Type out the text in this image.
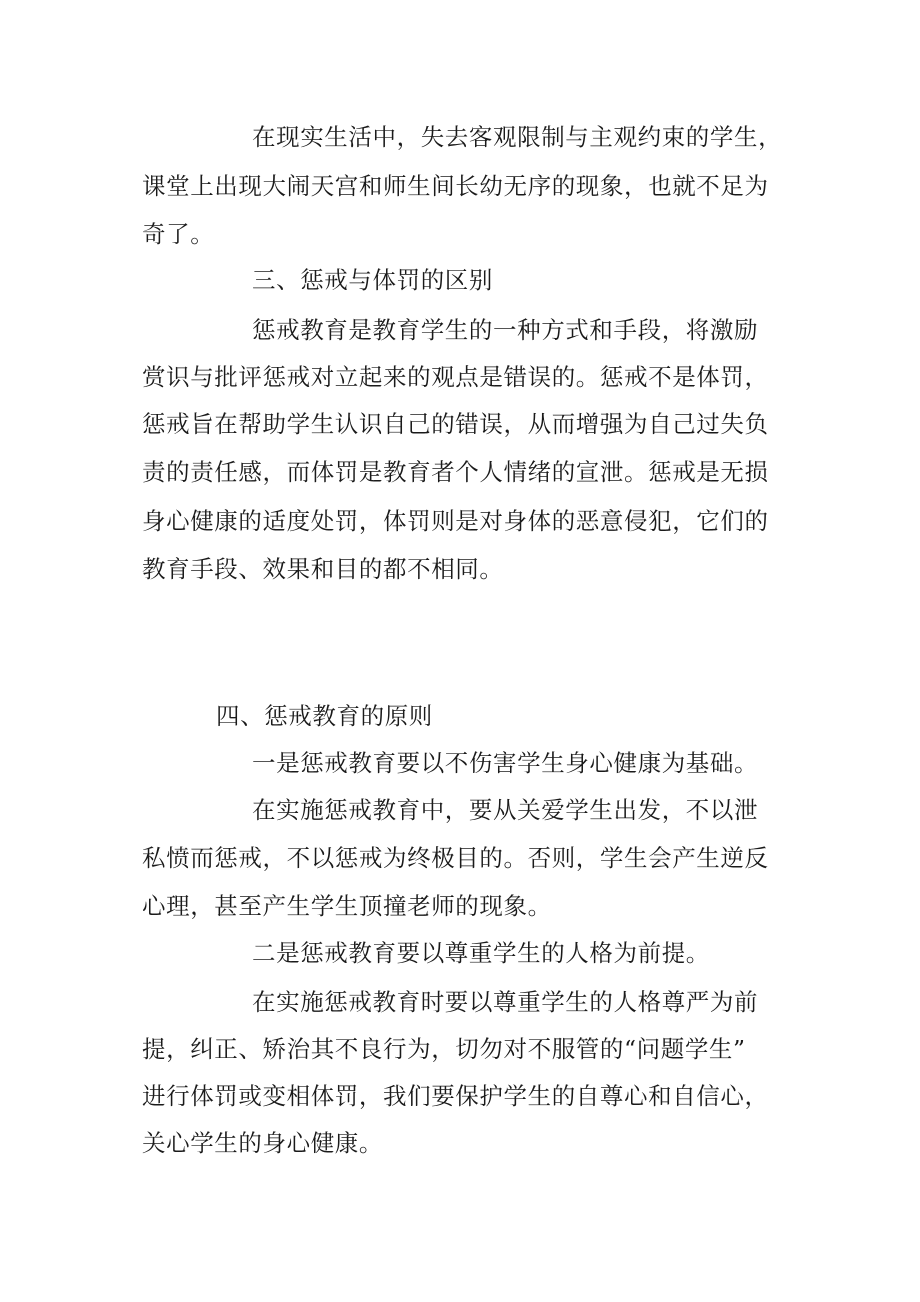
在现实生活中，失去客观限制与主观约束的学生，
课堂上出现大闹天宫和师生间长幼无序的现象，也就不足为
奇了。
三、惩戒与体罚的区别
惩戒教育是教育学生的一种方式和手段，将激励
赏识与批评惩戒对立起来的观点是错误的。惩戒不是体罚，
惩戒旨在帮助学生认识自己的错误，从而增强为自己过失负
责的责任感，而体罚是教育者个人情绪的宣泄。惩戒是无损
身心健康的适度处罚，体罚则是对身体的恶意侵犯，它们的
教育手段、效果和目的都不相同。
四、惩戒教育的原则
一是惩戒教育要以不伤害学生身心健康为基础。
在实施惩戒教育中，要从关爱学生出发，不以泄
私愤而惩戒，不以惩戒为终极目的。否则，学生会产生逆反
心理，甚至产生学生顶撞老师的现象。
二是惩戒教育要以尊重学生的人格为前提。
在实施惩戒教育时要以尊重学生的人格尊严为前
提，纠正、矫治其不良行为，切勿对不服管的“问题学生”
进行体罚或变相体罚，我们要保护学生的自尊心和自信心，
关心学生的身心健康。
